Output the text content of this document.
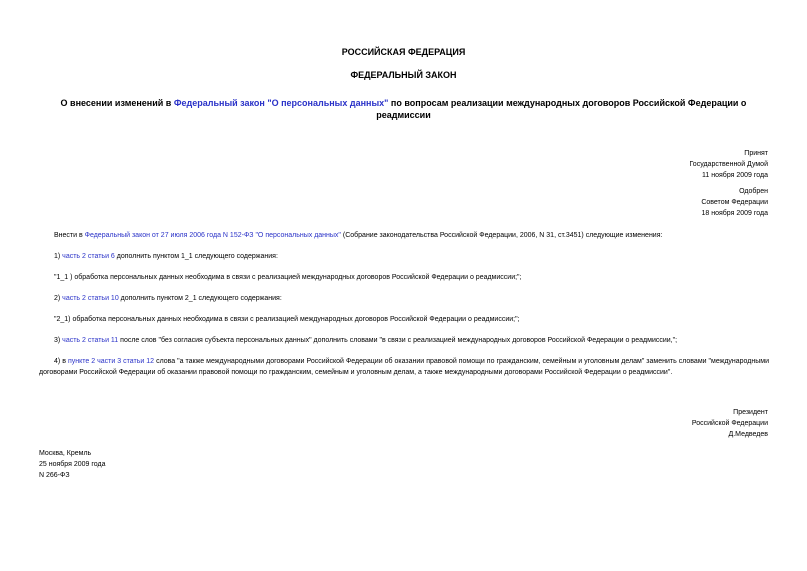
РОССИЙСКАЯ ФЕДЕРАЦИЯ
ФЕДЕРАЛЬНЫЙ ЗАКОН
О внесении изменений в Федеральный закон "О персональных данных" по вопросам реализации международных договоров Российской Федерации о реадмиссии
Принят
Государственной Думой
11 ноября 2009 года
Одобрен
Советом Федерации
18 ноября 2009 года
Внести в Федеральный закон от 27 июля 2006 года N 152-ФЗ "О персональных данных" (Собрание законодательства Российской Федерации, 2006, N 31, ст.3451) следующие изменения:
1) часть 2 статьи 6 дополнить пунктом 1_1 следующего содержания:
"1_1 ) обработка персональных данных необходима в связи с реализацией международных договоров Российской Федерации о реадмиссии;";
2) часть 2 статьи 10 дополнить пунктом 2_1 следующего содержания:
"2_1) обработка персональных данных необходима в связи с реализацией международных договоров Российской Федерации о реадмиссии;";
3) часть 2 статьи 11 после слов "без согласия субъекта персональных данных" дополнить словами "в связи с реализацией международных договоров Российской Федерации о реадмиссии,";
4) в пункте 2 части 3 статьи 12 слова "а также международными договорами Российской Федерации об оказании правовой помощи по гражданским, семейным и уголовным делам" заменить словами "международными договорами Российской Федерации об оказании правовой помощи по гражданским, семейным и уголовным делам, а также международными договорами Российской Федерации о реадмиссии".
Президент
Российской Федерации
Д.Медведев
Москва, Кремль
25 ноября 2009 года
N 266-ФЗ
